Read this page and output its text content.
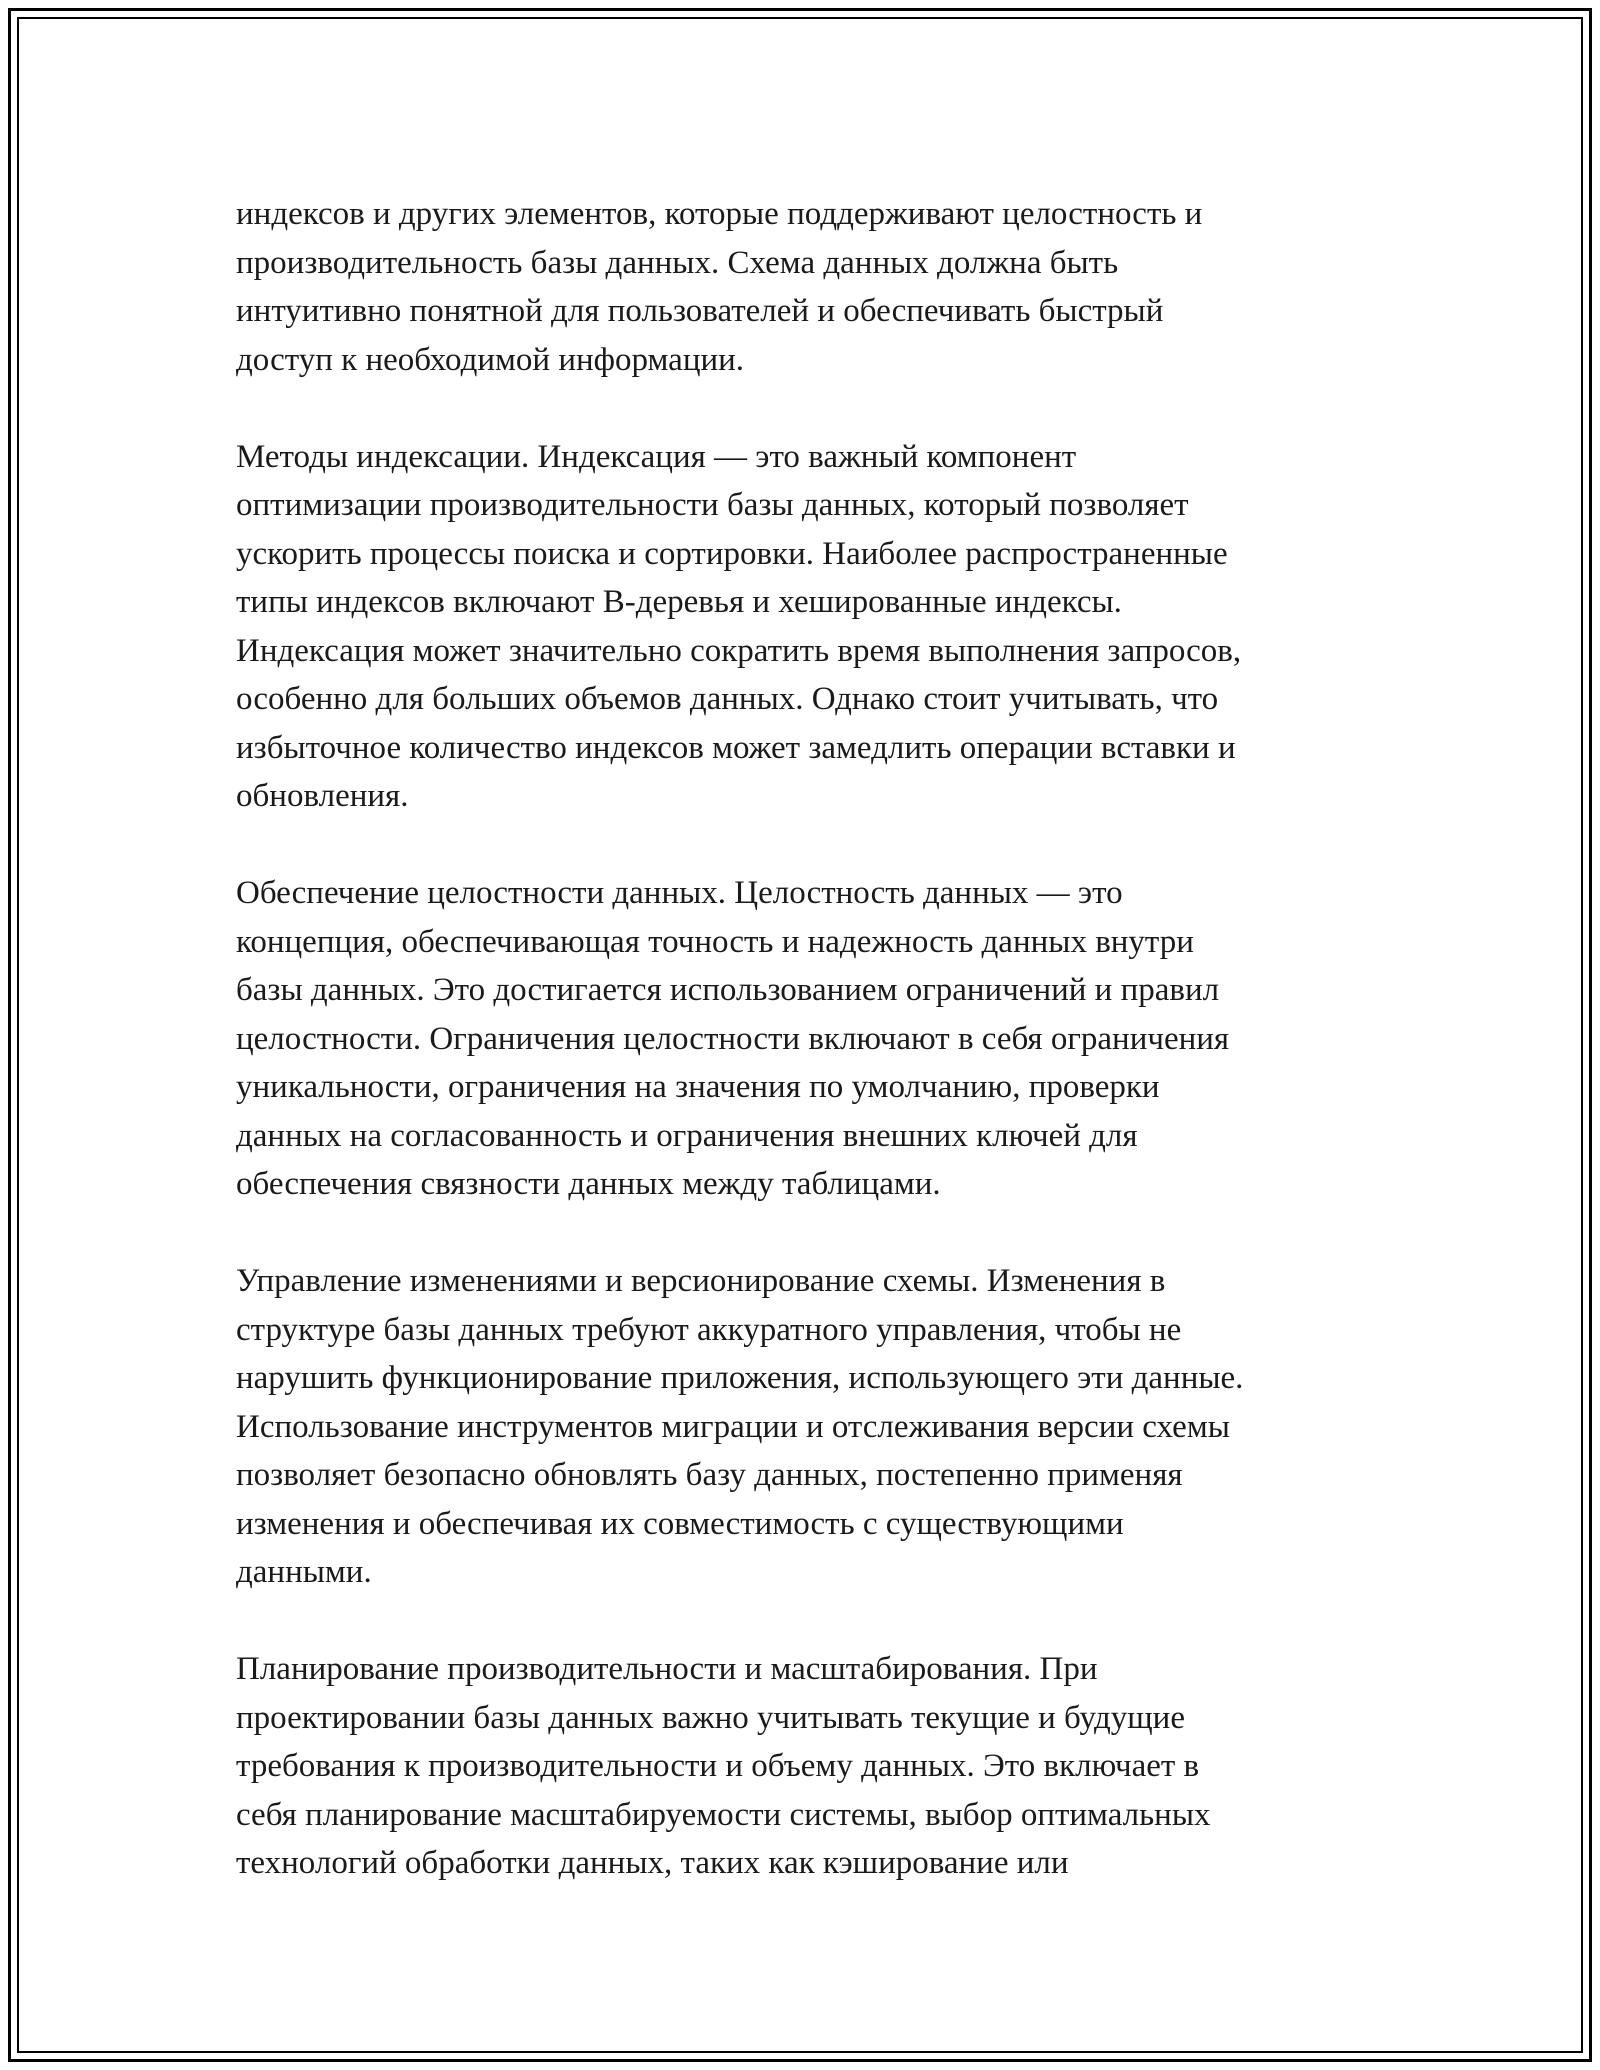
индексов и других элементов, которые поддерживают целостность и
производительность базы данных. Схема данных должна быть
интуитивно понятной для пользователей и обеспечивать быстрый
доступ к необходимой информации.

Методы индексации. Индексация — это важный компонент
оптимизации производительности базы данных, который позволяет
ускорить процессы поиска и сортировки. Наиболее распространенные
типы индексов включают B-деревья и хешированные индексы.
Индексация может значительно сократить время выполнения запросов,
особенно для больших объемов данных. Однако стоит учитывать, что
избыточное количество индексов может замедлить операции вставки и
обновления.

Обеспечение целостности данных. Целостность данных — это
концепция, обеспечивающая точность и надежность данных внутри
базы данных. Это достигается использованием ограничений и правил
целостности. Ограничения целостности включают в себя ограничения
уникальности, ограничения на значения по умолчанию, проверки
данных на согласованность и ограничения внешних ключей для
обеспечения связности данных между таблицами.

Управление изменениями и версионирование схемы. Изменения в
структуре базы данных требуют аккуратного управления, чтобы не
нарушить функционирование приложения, использующего эти данные.
Использование инструментов миграции и отслеживания версии схемы
позволяет безопасно обновлять базу данных, постепенно применяя
изменения и обеспечивая их совместимость с существующими
данными.

Планирование производительности и масштабирования. При
проектировании базы данных важно учитывать текущие и будущие
требования к производительности и объему данных. Это включает в
себя планирование масштабируемости системы, выбор оптимальных
технологий обработки данных, таких как кэширование или
